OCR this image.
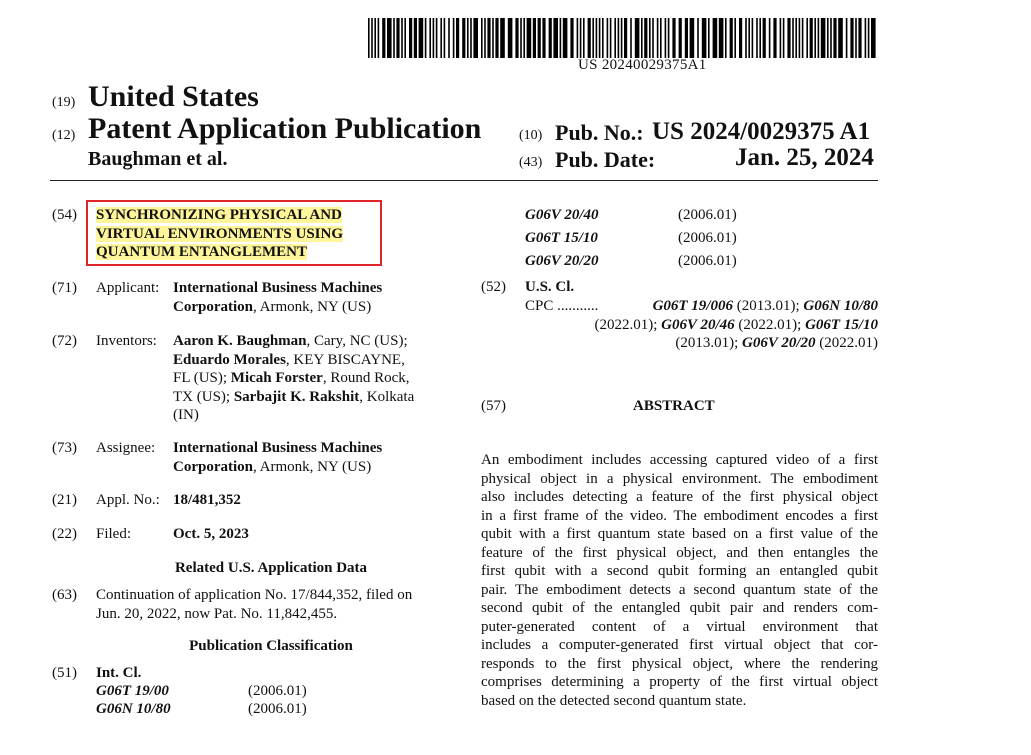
US 20240029375A1
(19) United States
(12) Patent Application Publication
Baughman et al.
(10) Pub. No.: US 2024/0029375 A1
(43) Pub. Date:	Jan. 25, 2024
(54) SYNCHRONIZING PHYSICAL AND
VIRTUAL ENVIRONMENTS USING
QUANTUM ENTANGLEMENT
(71) Applicant: International Business Machines
Corporation, Armonk, NY (US)
(72) Inventors: Aaron K. Baughman, Cary, NC (US);
Eduardo Morales, KEY BISCAYNE,
FL (US); Micah Forster, Round Rock,
TX (US); Sarbajit K. Rakshit, Kolkata
(IN)
(73) Assignee: International Business Machines
Corporation, Armonk, NY (US)
(21) Appl. No.: 18/481,352
(22) Filed:	Oct. 5, 2023
Related U.S. Application Data
(63) Continuation of application No. 17/844,352, filed on
Jun. 20, 2022, now Pat. No. 11,842,455.
Publication Classification
(51) Int. Cl.
G06T 19/00	(2006.01)
G06N 10/80	(2006.01)
G06V 20/40	(2006.01)
G06T 15/10	(2006.01)
G06V 20/20	(2006.01)
(52) U.S. Cl.
CPC ...........	G06T 19/006 (2013.01); G06N 10/80
(2022.01); G06V 20/46 (2022.01); G06T 15/10
(2013.01); G06V 20/20 (2022.01)
(57)	ABSTRACT
An embodiment includes accessing captured video of a first
physical object in a physical environment. The embodiment
also includes detecting a feature of the first physical object
in a first frame of the video. The embodiment encodes a first
qubit with a first quantum state based on a first value of the
feature of the first physical object, and then entangles the
first qubit with a second qubit forming an entangled qubit
pair. The embodiment detects a second quantum state of the
second qubit of the entangled qubit pair and renders com-
puter-generated content of a virtual environment that
includes a computer-generated first virtual object that cor-
responds to the first physical object, where the rendering
comprises determining a property of the first virtual object
based on the detected second quantum state.
